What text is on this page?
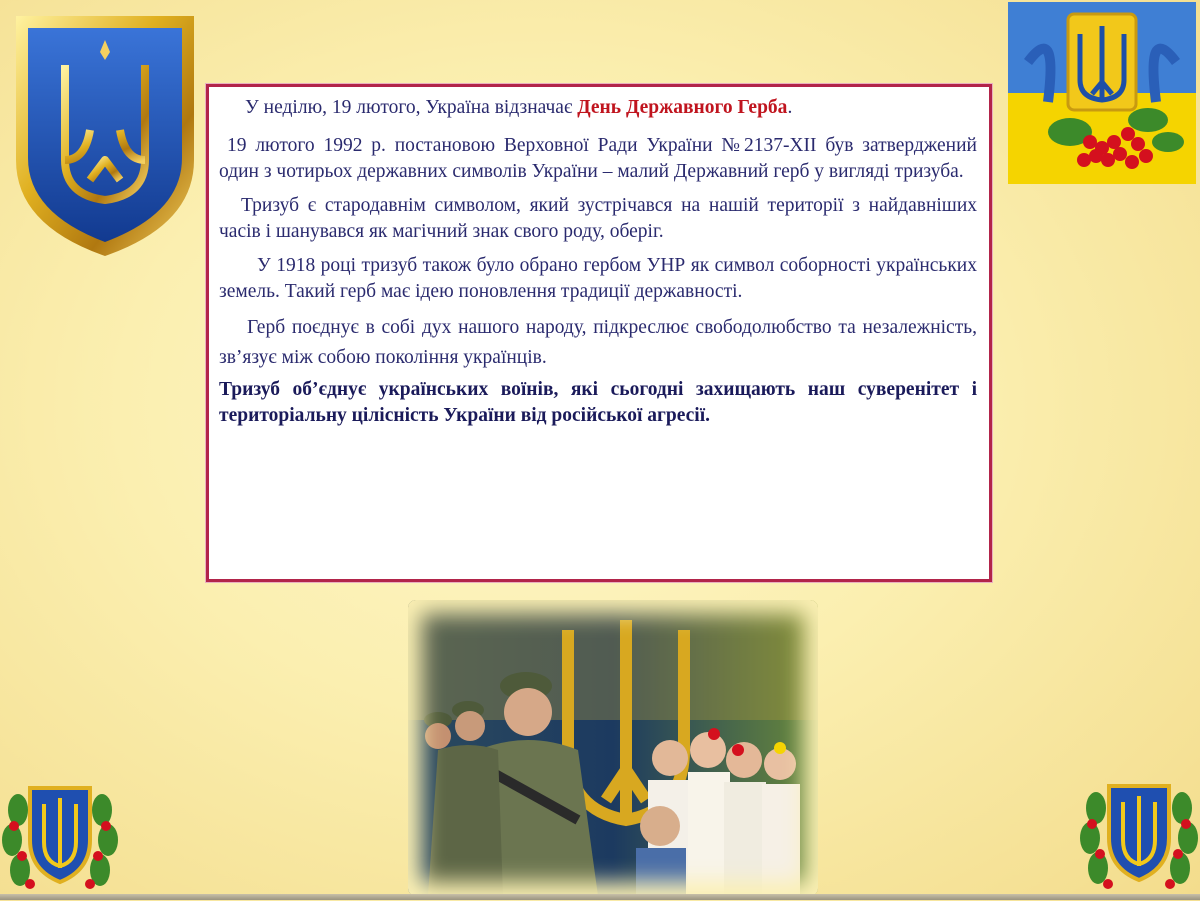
У неділю, 19 лютого, Україна відзначає День Державного Герба.

19 лютого 1992 р. постановою Верховної Ради України №2137-XII був затверджений один з чотирьох державних символів України – малий Державний герб у вигляді тризуба.

Тризуб є стародавнім символом, який зустрічався на нашій території з найдавніших часів і шанувався як магічний знак свого роду, оберіг.

У 1918 році тризуб також було обрано гербом УНР як символ соборності українських земель. Такий герб має ідею поновлення традиції державності.

Герб поєднує в собі дух нашого народу, підкреслює свободолюбство та незалежність, зв’язує між собою покоління українців.

Тризуб об’єднує українських воїнів, які сьогодні захищають наш суверенітет і територіальну цілісність України від російської агресії.
